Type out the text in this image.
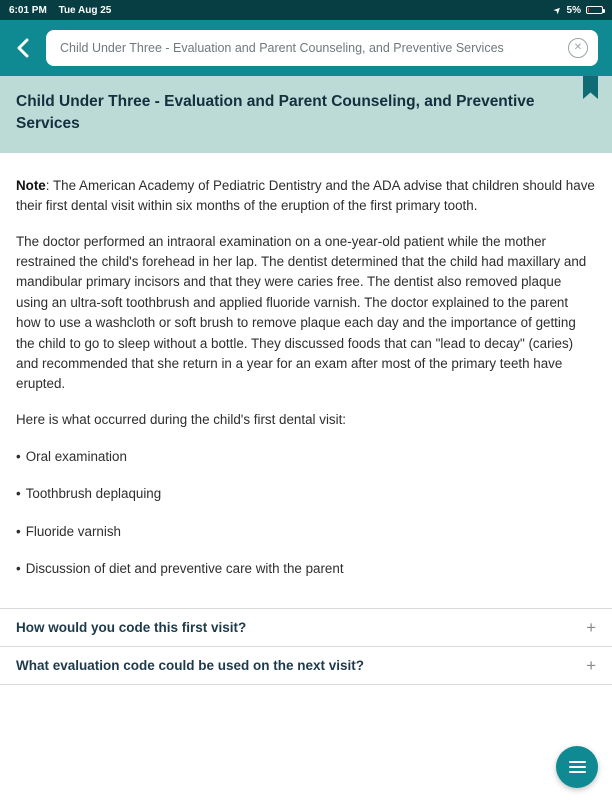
6:01 PM Tue Aug 25	➤ 5%
Child Under Three - Evaluation and Parent Counseling, and Preventive Services
✕
Child Under Three - Evaluation and Parent Counseling, and Preventive Services

Note: The American Academy of Pediatric Dentistry and the ADA advise that children should have their first dental visit within six months of the eruption of the first primary tooth.

The doctor performed an intraoral examination on a one-year-old patient while the mother restrained the child's forehead in her lap. The dentist determined that the child had maxillary and mandibular primary incisors and that they were caries free. The dentist also removed plaque using an ultra-soft toothbrush and applied fluoride varnish. The doctor explained to the parent how to use a washcloth or soft brush to remove plaque each day and the importance of getting the child to go to sleep without a bottle. They discussed foods that can "lead to decay" (caries) and recommended that she return in a year for an exam after most of the primary teeth have erupted.

Here is what occurred during the child's first dental visit:

• Oral examination

• Toothbrush deplaquing

• Fluoride varnish

• Discussion of diet and preventive care with the parent

How would you code this first visit?	+
What evaluation code could be used on the next visit?	+
